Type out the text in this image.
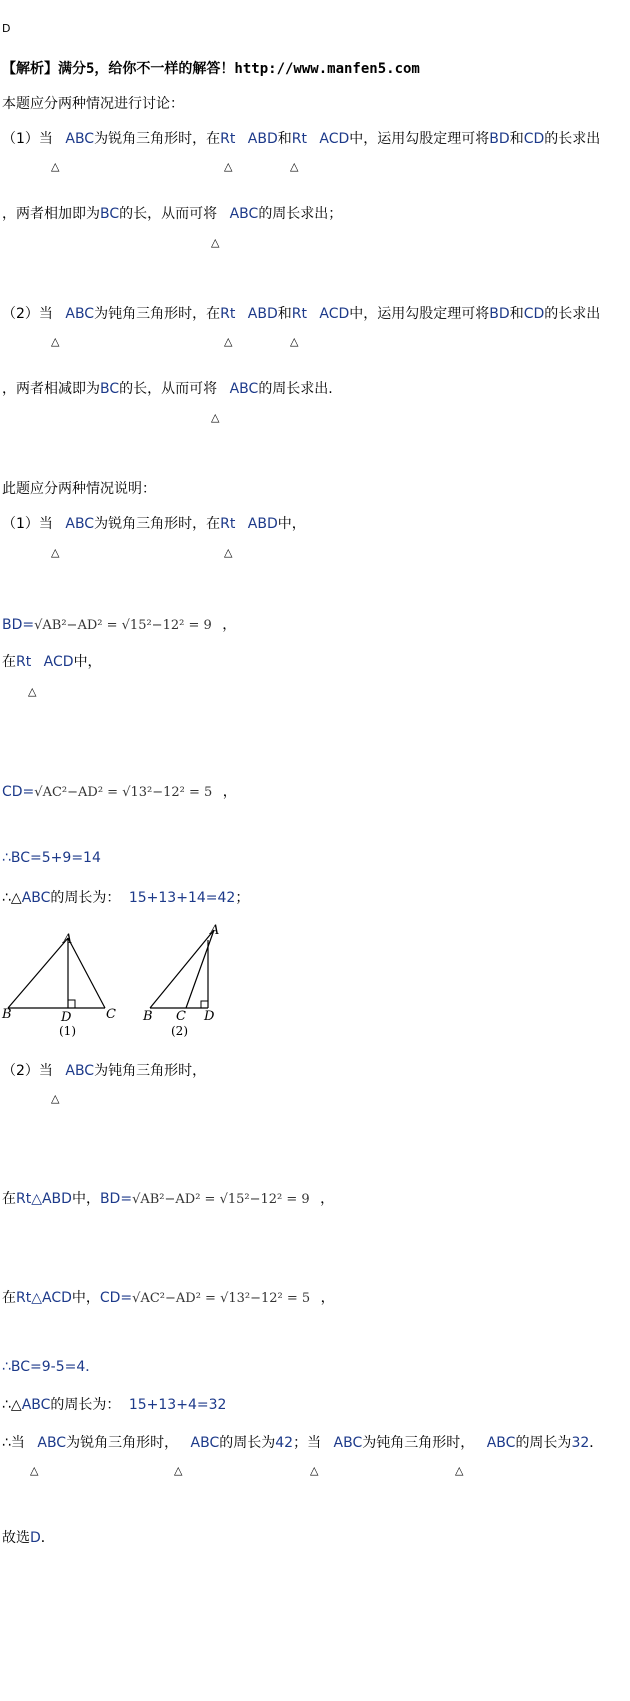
D
【解析】满分5，给你不一样的解答！http://www.manfen5.com
本题应分两种情况进行讨论：
（1）当 ABC为锐角三角形时，在Rt ABD和Rt ACD中，运用勾股定理可将BD和CD的长求出
△	△	△
，两者相加即为BC的长，从而可将 ABC的周长求出；
△
（2）当 ABC为钝角三角形时，在Rt ABD和Rt ACD中，运用勾股定理可将BD和CD的长求出
△	△	△
，两者相减即为BC的长，从而可将 ABC的周长求出.
△
此题应分两种情况说明：
（1）当 ABC为锐角三角形时，在Rt ABD中，
△	△
BD=√AB²−AD² = √15²−12² = 9 ，
在Rt ACD中，
△
CD=√AC²−AD² = √13²−12² = 5 ，
∴BC=5+9=14
∴△ABC的周长为： 15+13+14=42；
A
B	D	C
(1)
A
B C D
(2)
（2）当 ABC为钝角三角形时，
△
在Rt△ABD中，BD=√AB²−AD² = √15²−12² = 9 ，
在Rt△ACD中，CD=√AC²−AD² = √13²−12² = 5 ，
∴BC=9-5=4．
∴△ABC的周长为： 15+13+4=32
∴当 ABC为锐角三角形时， ABC的周长为42；当 ABC为钝角三角形时， ABC的周长为32．
△	△	△	△
故选D．
